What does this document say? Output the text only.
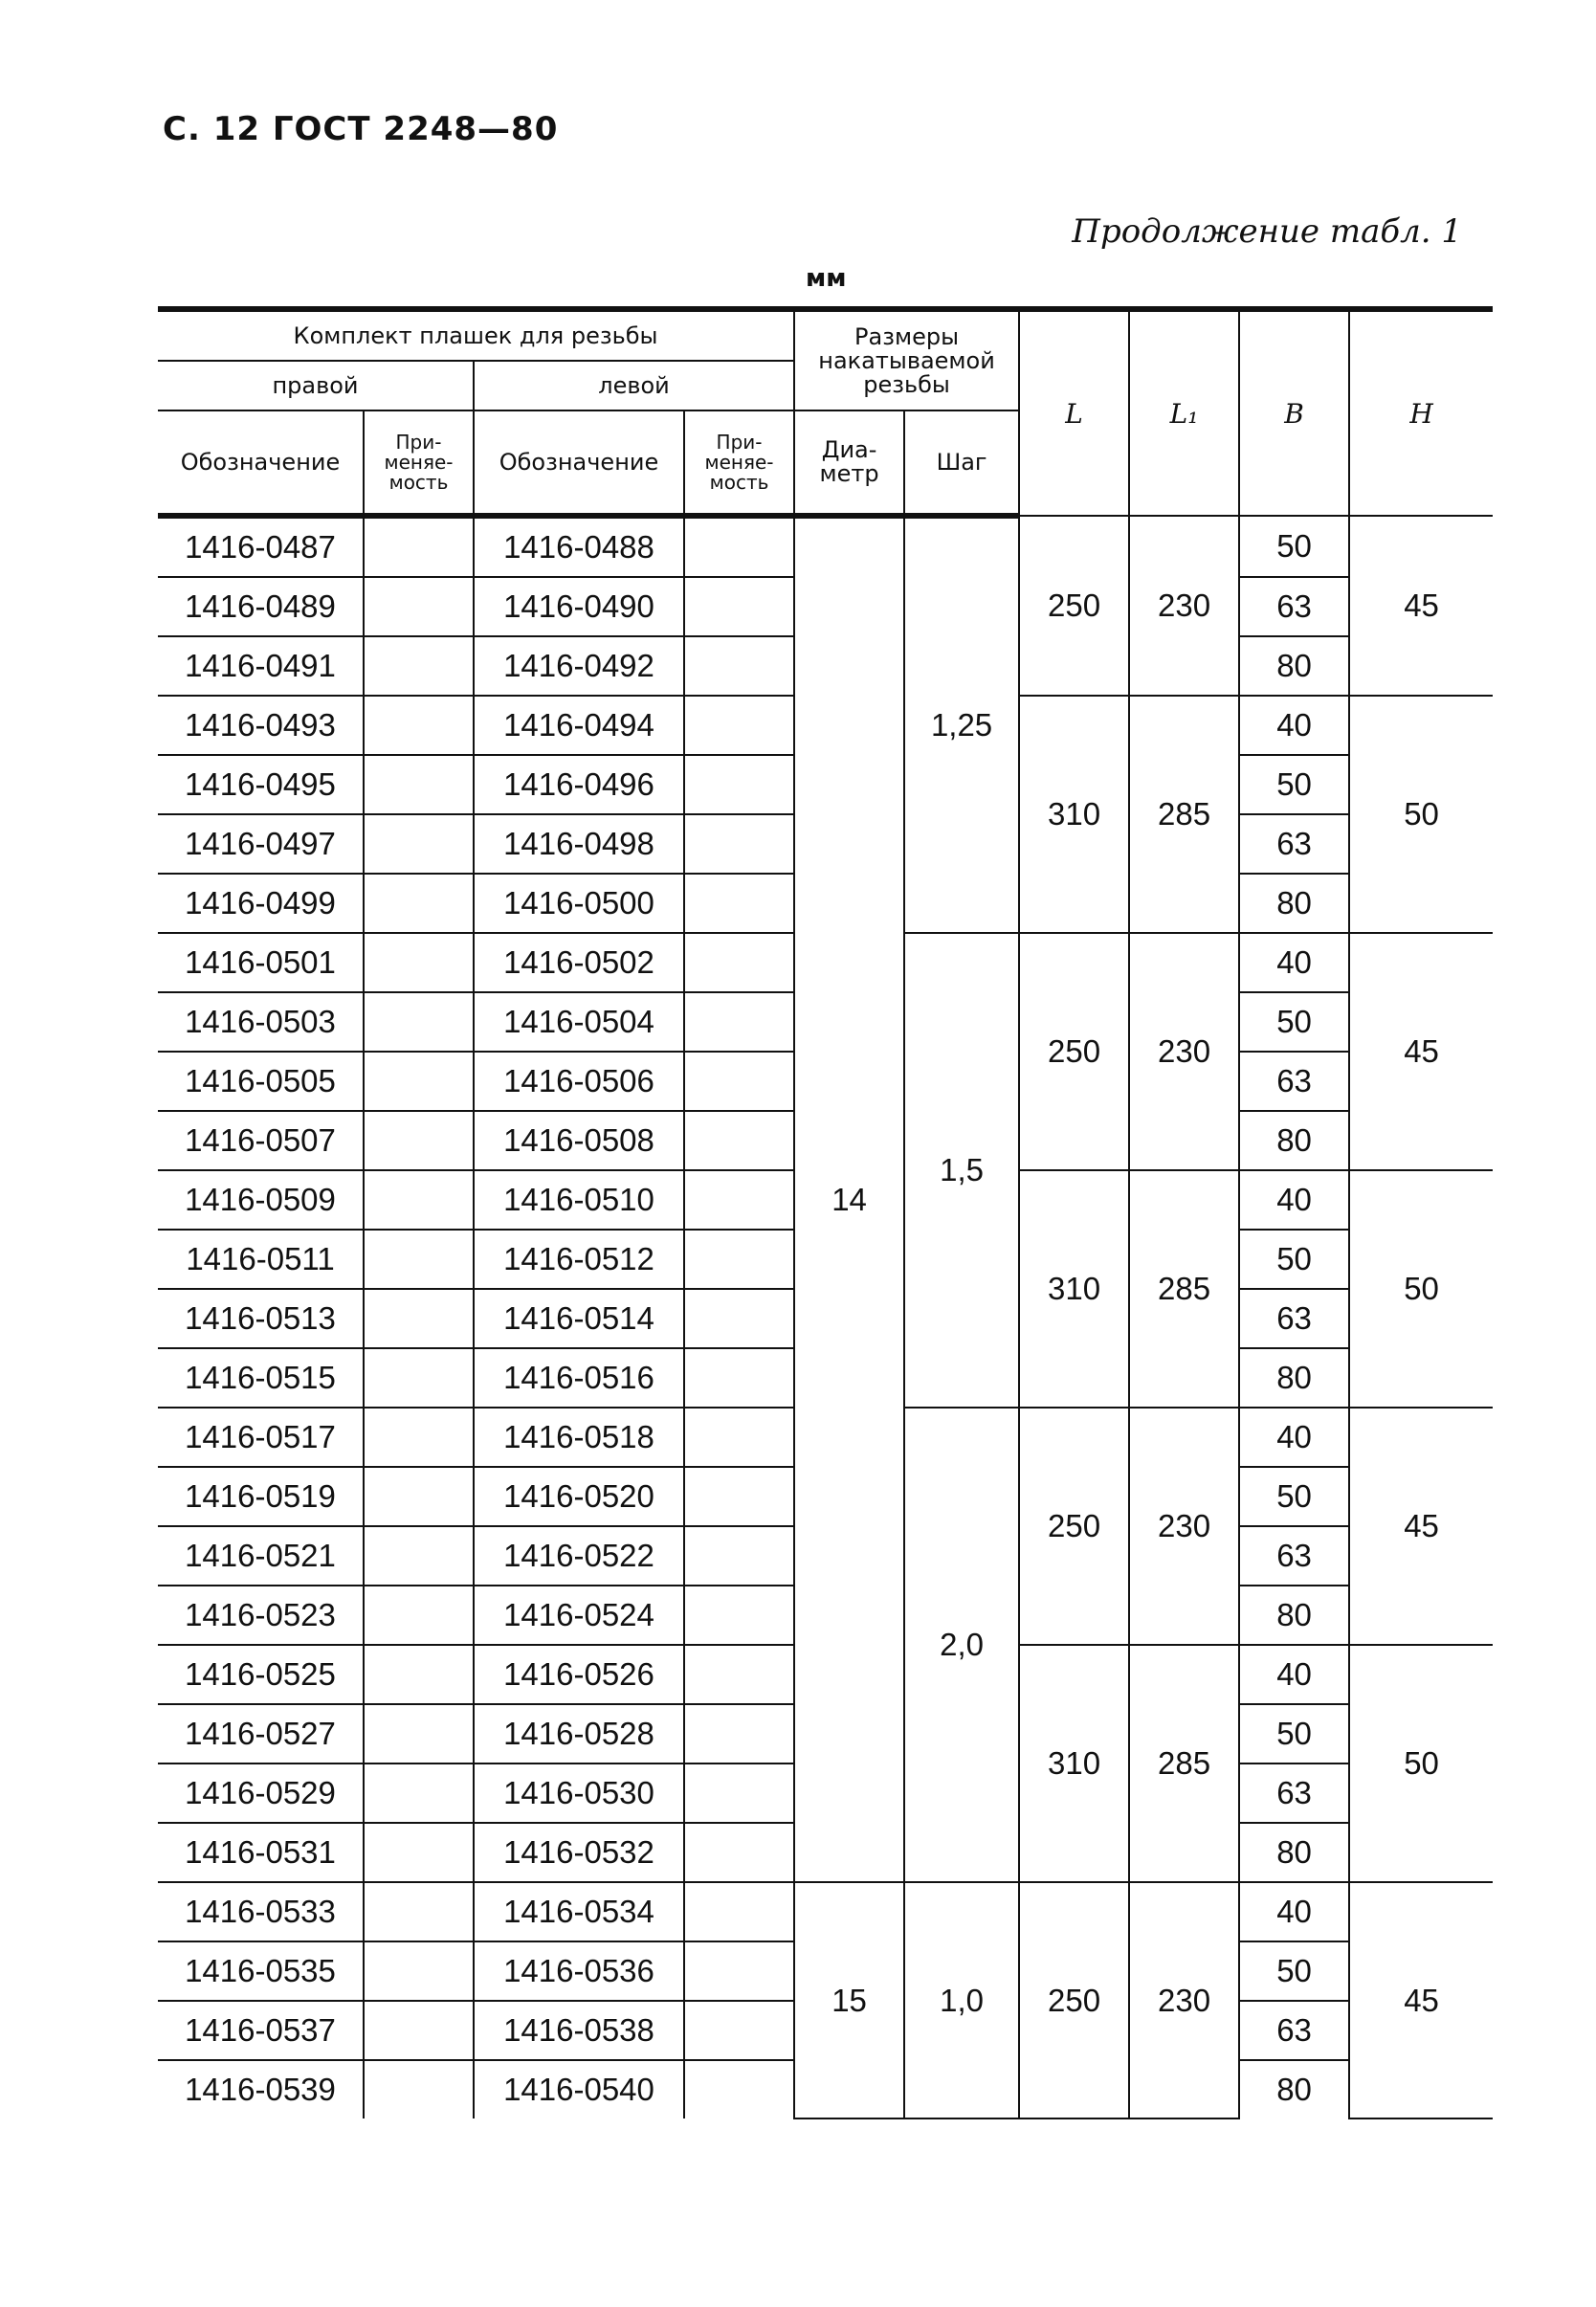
С. 12 ГОСТ 2248—80
Продолжение табл. 1
мм
Комплект плашек для резьбы				Размеры накатываемой резьбы		L	L₁	B	H
правой		левой							
Обозначение	При-меняе-мость	Обозначение	При-меняе-мость	Диа-метр	Шаг				
1416-0487		1416-0488		14	1,25	250	230	50	45
1416-0489		1416-0490						63	
1416-0491		1416-0492						80	
1416-0493		1416-0494				310	285	40	50
1416-0495		1416-0496						50	
1416-0497		1416-0498						63	
1416-0499		1416-0500						80	
1416-0501		1416-0502			1,5	250	230	40	45
1416-0503		1416-0504						50	
1416-0505		1416-0506						63	
1416-0507		1416-0508						80	
1416-0509		1416-0510				310	285	40	50
1416-0511		1416-0512						50	
1416-0513		1416-0514						63	
1416-0515		1416-0516						80	
1416-0517		1416-0518			2,0	250	230	40	45
1416-0519		1416-0520						50	
1416-0521		1416-0522						63	
1416-0523		1416-0524						80	
1416-0525		1416-0526				310	285	40	50
1416-0527		1416-0528						50	
1416-0529		1416-0530						63	
1416-0531		1416-0532						80	
1416-0533		1416-0534		15	1,0	250	230	40	45
1416-0535		1416-0536						50	
1416-0537		1416-0538						63	
1416-0539		1416-0540						80	
